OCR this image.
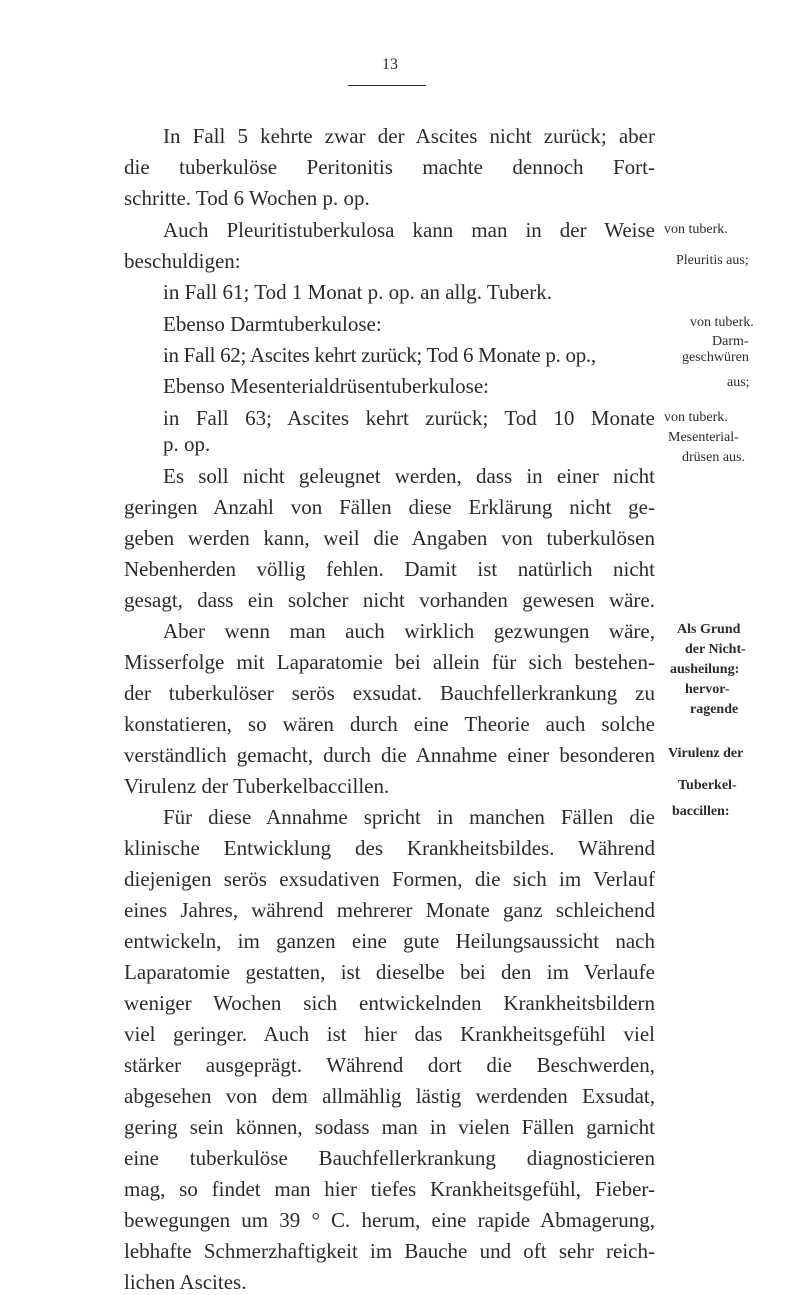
13
In Fall 5 kehrte zwar der Ascites nicht zurück; aber
die tuberkulöse Peritonitis machte dennoch Fort-
schritte. Tod 6 Wochen p. op.
Auch Pleuritistuberkulosa kann man in der Weise
beschuldigen:
in Fall 61; Tod 1 Monat p. op. an allg. Tuberk.
Ebenso Darmtuberkulose:
in Fall 62; Ascites kehrt zurück; Tod 6 Monate p. op.,
Ebenso Mesenterialdrüsentuberkulose:
in Fall 63; Ascites kehrt zurück; Tod 10 Monate
p. op.
Es soll nicht geleugnet werden, dass in einer nicht
geringen Anzahl von Fällen diese Erklärung nicht ge-
geben werden kann, weil die Angaben von tuberkulösen
Nebenherden völlig fehlen. Damit ist natürlich nicht
gesagt, dass ein solcher nicht vorhanden gewesen wäre.
Aber wenn man auch wirklich gezwungen wäre,
Misserfolge mit Laparatomie bei allein für sich bestehen-
der tuberkulöser serös exsudat. Bauchfellerkrankung zu
konstatieren, so wären durch eine Theorie auch solche
verständlich gemacht, durch die Annahme einer besonderen
Virulenz der Tuberkelbaccillen.
Für diese Annahme spricht in manchen Fällen die
klinische Entwicklung des Krankheitsbildes. Während
diejenigen serös exsudativen Formen, die sich im Verlauf
eines Jahres, während mehrerer Monate ganz schleichend
entwickeln, im ganzen eine gute Heilungsaussicht nach
Laparatomie gestatten, ist dieselbe bei den im Verlaufe
weniger Wochen sich entwickelnden Krankheitsbildern
viel geringer. Auch ist hier das Krankheitsgefühl viel
stärker ausgeprägt. Während dort die Beschwerden,
abgesehen von dem allmählig lästig werdenden Exsudat,
gering sein können, sodass man in vielen Fällen garnicht
eine tuberkulöse Bauchfellerkrankung diagnosticieren
mag, so findet man hier tiefes Krankheitsgefühl, Fieber-
bewegungen um 39 ° C. herum, eine rapide Abmagerung,
lebhafte Schmerzhaftigkeit im Bauche und oft sehr reich-
lichen Ascites.
von tuberk.
Pleuritis aus;
von tuberk.
Darm-
geschwüren
aus;
von tuberk.
Mesenterial-
drüsen aus.
Als Grund
der Nicht-
ausheilung:
hervor-
ragende
Virulenz der
Tuberkel-
baccillen:
